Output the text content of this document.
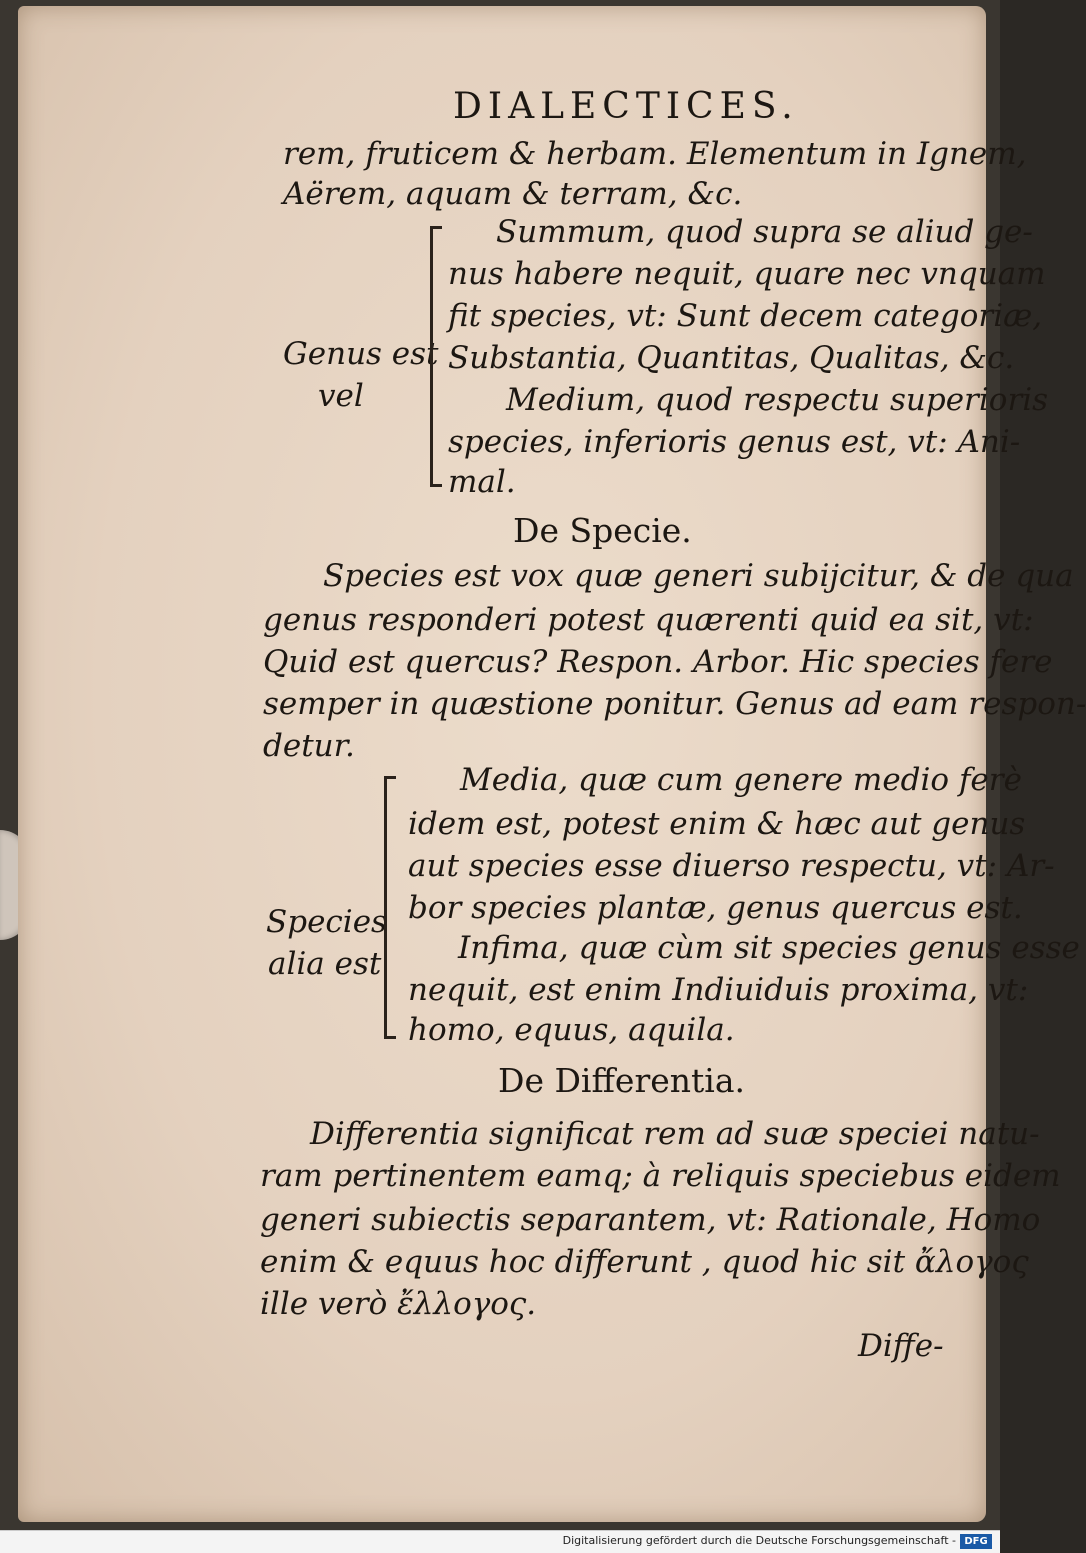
DIALECTICES.
rem, fruticem & herbam. Elementum in Ignem,
Aërem, aquam & terram, &c.
Genus est
vel
Summum, quod supra se aliud ge-
nus habere nequit, quare nec vnquam
fit species, vt: Sunt decem categoriæ,
Substantia, Quantitas, Qualitas, &c.
Medium, quod respectu superioris
species, inferioris genus est, vt: Ani-
mal.
De Specie.
Species est vox quæ generi subijcitur, & de qua
genus responderi potest quærenti quid ea sit, vt:
Quid est quercus? Respon. Arbor. Hic species fere
semper in quæstione ponitur. Genus ad eam respon-
detur.
Species
alia est
Media, quæ cum genere medio ferè
idem est, potest enim & hæc aut genus
aut species esse diuerso respectu, vt: Ar-
bor species plantæ, genus quercus est.
Infima, quæ cùm sit species genus esse
nequit, est enim Indiuiduis proxima, vt:
homo, equus, aquila.
De Differentia.
Differentia significat rem ad suæ speciei natu-
ram pertinentem eamq; à reliquis speciebus eidem
generi subiectis separantem, vt: Rationale, Homo
enim & equus hoc differunt , quod hic sit ἄλογος
ille verò ἔλλογος.
Diffe-
Digitalisierung gefördert durch die Deutsche Forschungsgemeinschaft - DFG
